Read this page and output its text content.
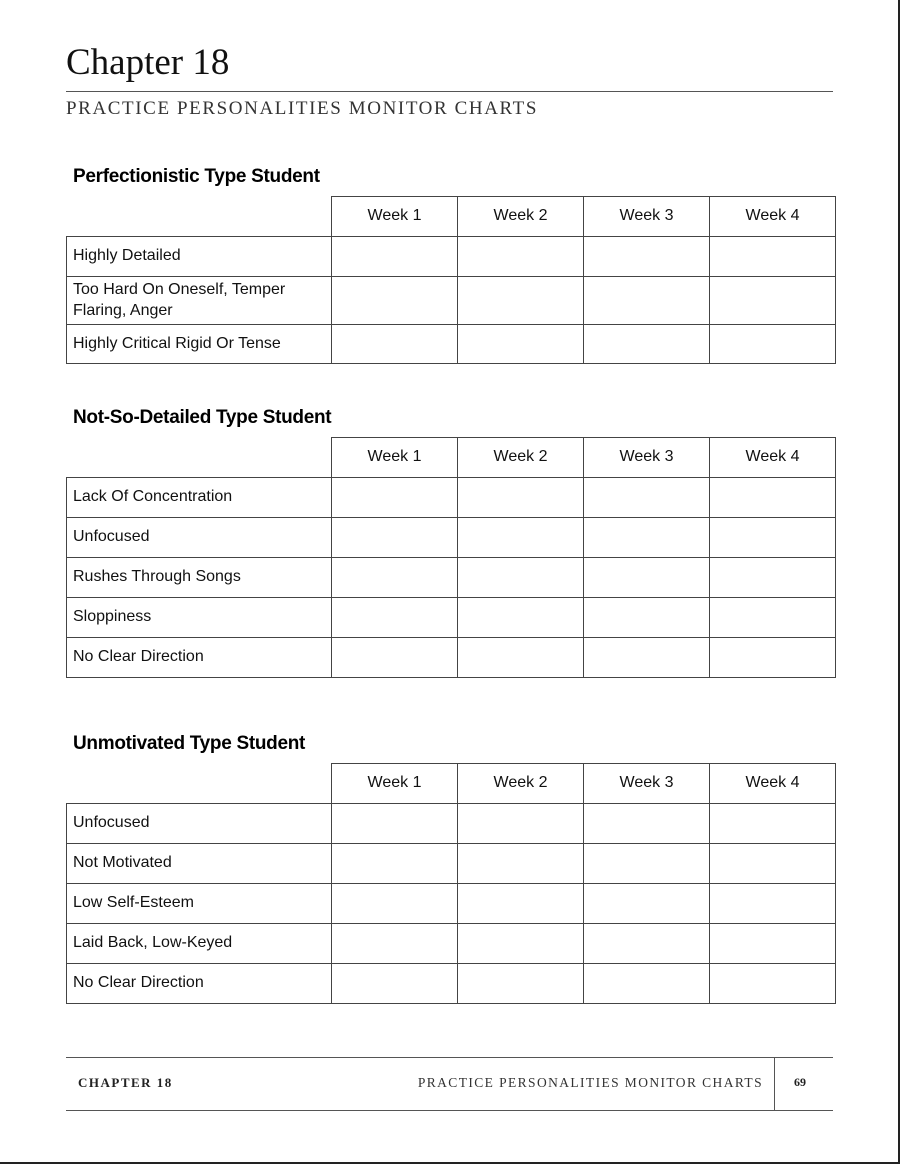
Chapter 18
PRACTICE PERSONALITIES MONITOR CHARTS
Perfectionistic Type Student
	Week 1	Week 2	Week 3	Week 4
Highly Detailed				
Too Hard On Oneself, Temper Flaring, Anger				
Highly Critical Rigid Or Tense				
Not-So-Detailed Type Student
	Week 1	Week 2	Week 3	Week 4
Lack Of Concentration				
Unfocused				
Rushes Through Songs				
Sloppiness				
No Clear Direction				
Unmotivated Type Student
	Week 1	Week 2	Week 3	Week 4
Unfocused				
Not Motivated				
Low Self-Esteem				
Laid Back, Low-Keyed				
No Clear Direction				
CHAPTER 18	PRACTICE PERSONALITIES MONITOR CHARTS	69
